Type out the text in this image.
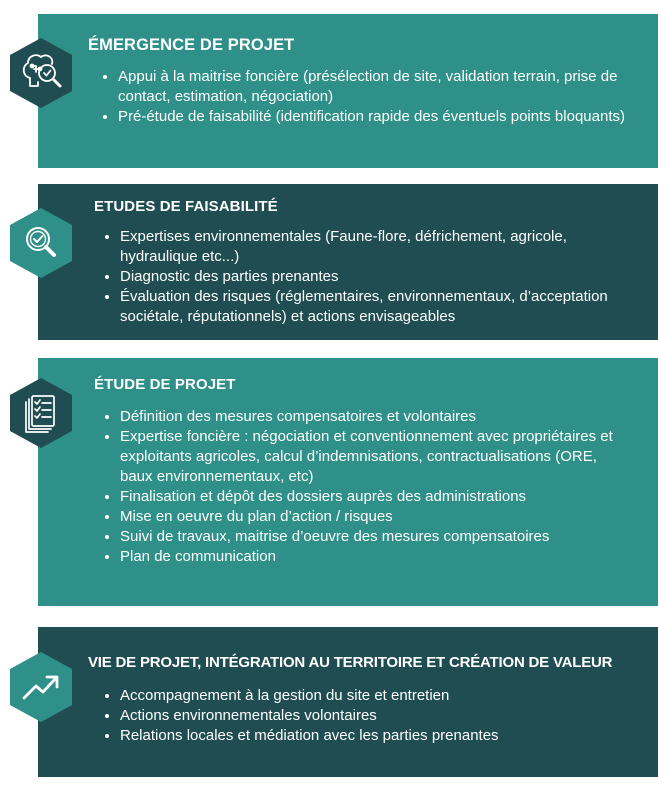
ÉMERGENCE DE PROJET
• Appui à la maitrise foncière (présélection de site, validation terrain, prise de contact, estimation, négociation)
• Pré-étude de faisabilité (identification rapide des éventuels points bloquants)
ETUDES DE FAISABILITÉ
• Expertises environnementales (Faune-flore, défrichement, agricole, hydraulique etc...)
• Diagnostic des parties prenantes
• Évaluation des risques (réglementaires, environnementaux, d’acceptation sociétale, réputationnels) et actions envisageables
ÉTUDE DE PROJET
• Définition des mesures compensatoires et volontaires
• Expertise foncière : négociation et conventionnement avec propriétaires et exploitants agricoles, calcul d’indemnisations, contractualisations (ORE, baux environnementaux, etc)
• Finalisation et dépôt des dossiers auprès des administrations
• Mise en oeuvre du plan d’action / risques
• Suivi de travaux, maitrise d’oeuvre des mesures compensatoires
• Plan de communication
VIE DE PROJET, INTÉGRATION AU TERRITOIRE ET CRÉATION DE VALEUR
• Accompagnement à la gestion du site et entretien
• Actions environnementales volontaires
• Relations locales et médiation avec les parties prenantes
